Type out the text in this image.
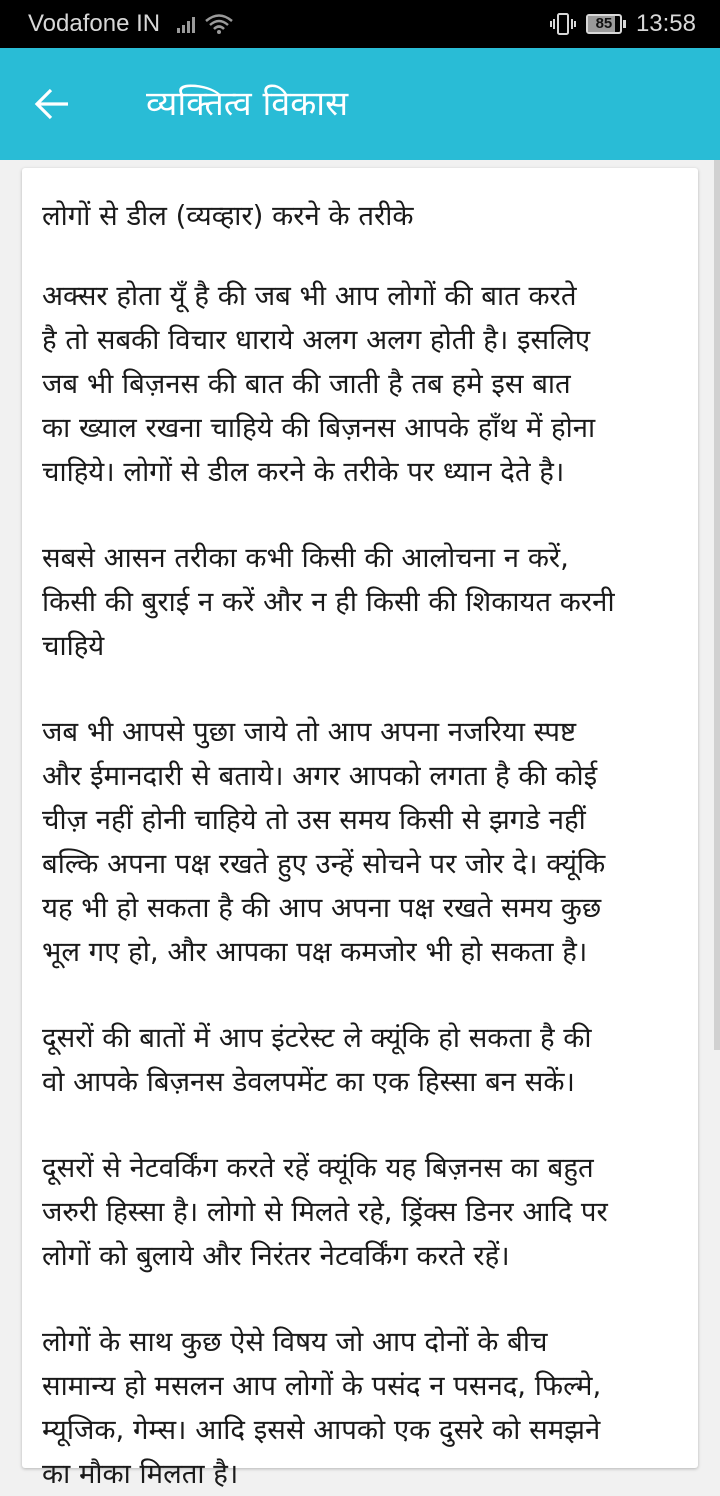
Vodafone IN	85 13:58
व्यक्तित्व विकास

लोगों से डील (व्यव्हार) करने के तरीके

अक्सर होता यूँ है की जब भी आप लोगों की बात करते
है तो सबकी विचार धाराये अलग अलग होती है। इसलिए
जब भी बिज़नस की बात की जाती है तब हमे इस बात
का ख्याल रखना चाहिये की बिज़नस आपके हाँथ में होना
चाहिये। लोगों से डील करने के तरीके पर ध्यान देते है।

सबसे आसन तरीका कभी किसी की आलोचना न करें,
किसी की बुराई न करें और न ही किसी की शिकायत करनी
चाहिये

जब भी आपसे पुछा जाये तो आप अपना नजरिया स्पष्ट
और ईमानदारी से बताये। अगर आपको लगता है की कोई
चीज़ नहीं होनी चाहिये तो उस समय किसी से झगडे नहीं
बल्कि अपना पक्ष रखते हुए उन्हें सोचने पर जोर दे। क्यूंकि
यह भी हो सकता है की आप अपना पक्ष रखते समय कुछ
भूल गए हो, और आपका पक्ष कमजोर भी हो सकता है।

दूसरों की बातों में आप इंटरेस्ट ले क्यूंकि हो सकता है की
वो आपके बिज़नस डेवलपमेंट का एक हिस्सा बन सकें।

दूसरों से नेटवर्किंग करते रहें क्यूंकि यह बिज़नस का बहुत
जरुरी हिस्सा है। लोगो से मिलते रहे, ड्रिंक्स डिनर आदि पर
लोगों को बुलाये और निरंतर नेटवर्किंग करते रहें।

लोगों के साथ कुछ ऐसे विषय जो आप दोनों के बीच
सामान्य हो मसलन आप लोगों के पसंद न पसनद, फिल्मे,
म्यूजिक, गेम्स। आदि इससे आपको एक दुसरे को समझने
का मौका मिलता है।
